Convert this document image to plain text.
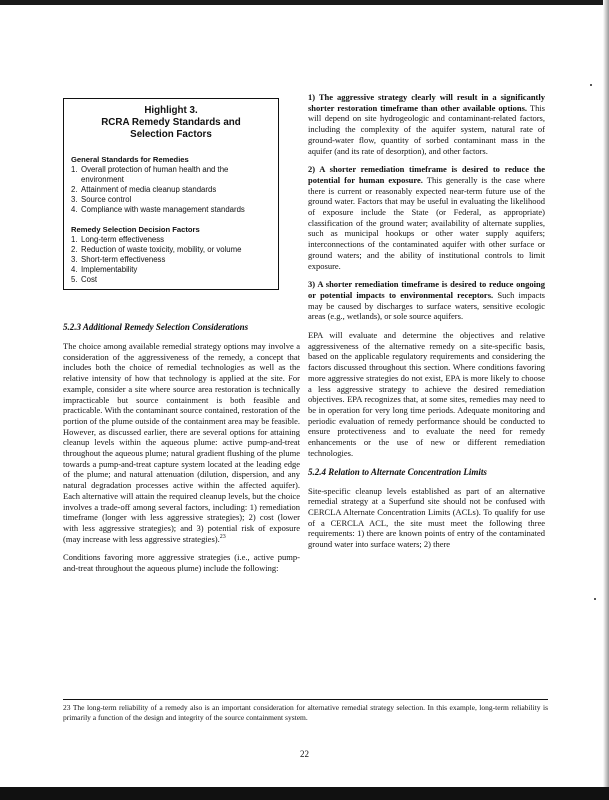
Highlight 3.
RCRA Remedy Standards and
Selection Factors
General Standards for Remedies
1. Overall protection of human health and the environment
2. Attainment of media cleanup standards
3. Source control
4. Compliance with waste management standards
Remedy Selection Decision Factors
1. Long-term effectiveness
2. Reduction of waste toxicity, mobility, or volume
3. Short-term effectiveness
4. Implementability
5. Cost

5.2.3 Additional Remedy Selection Considerations

The choice among available remedial strategy options may involve a consideration of the aggressiveness of the remedy, a concept that includes both the choice of remedial technologies as well as the relative intensity of how that technology is applied at the site. For example, consider a site where source area restoration is technically impracticable but source containment is both feasible and practicable. With the contaminant source contained, restoration of the portion of the plume outside of the containment area may be feasible. However, as discussed earlier, there are several options for attaining cleanup levels within the aqueous plume: active pump-and-treat throughout the aqueous plume; natural gradient flushing of the plume towards a pump-and-treat capture system located at the leading edge of the plume; and natural attenuation (dilution, dispersion, and any natural degradation processes active within the affected aquifer). Each alternative will attain the required cleanup levels, but the choice involves a trade-off among several factors, including: 1) remediation timeframe (longer with less aggressive strategies); 2) cost (lower with less aggressive strategies); and 3) potential risk of exposure (may increase with less aggressive strategies).$^{23}$

Conditions favoring more aggressive strategies (i.e., active pump-and-treat throughout the aqueous plume) include the following:

1) The aggressive strategy clearly will result in a significantly shorter restoration timeframe than other available options. This will depend on site hydrogeologic and contaminant-related factors, including the complexity of the aquifer system, natural rate of ground-water flow, quantity of sorbed contaminant mass in the aquifer (and its rate of desorption), and other factors.

2) A shorter remediation timeframe is desired to reduce the potential for human exposure. This generally is the case where there is current or reasonably expected near-term future use of the ground water. Factors that may be useful in evaluating the likelihood of exposure include the State (or Federal, as appropriate) classification of the ground water; availability of alternate supplies, such as municipal hookups or other water supply aquifers; interconnections of the contaminated aquifer with other surface or ground waters; and the ability of institutional controls to limit exposure.

3) A shorter remediation timeframe is desired to reduce ongoing or potential impacts to environmental receptors. Such impacts may be caused by discharges to surface waters, sensitive ecologic areas (e.g., wetlands), or sole source aquifers.

EPA will evaluate and determine the objectives and relative aggressiveness of the alternative remedy on a site-specific basis, based on the applicable regulatory requirements and considering the factors discussed throughout this section. Where conditions favoring more aggressive strategies do not exist, EPA is more likely to choose a less aggressive strategy to achieve the desired remediation objectives. EPA recognizes that, at some sites, remedies may need to be in operation for very long time periods. Adequate monitoring and periodic evaluation of remedy performance should be conducted to ensure protectiveness and to evaluate the need for remedy enhancements or the use of new or different remediation technologies.

5.2.4 Relation to Alternate Concentration Limits

Site-specific cleanup levels established as part of an alternative remedial strategy at a Superfund site should not be confused with CERCLA Alternate Concentration Limits (ACLs). To qualify for use of a CERCLA ACL, the site must meet the following three requirements: 1) there are known points of entry of the contaminated ground water into surface waters; 2) there

23 The long-term reliability of a remedy also is an important consideration for alternative remedial strategy selection. In this example, long-term reliability is primarily a function of the design and integrity of the source containment system.
22
